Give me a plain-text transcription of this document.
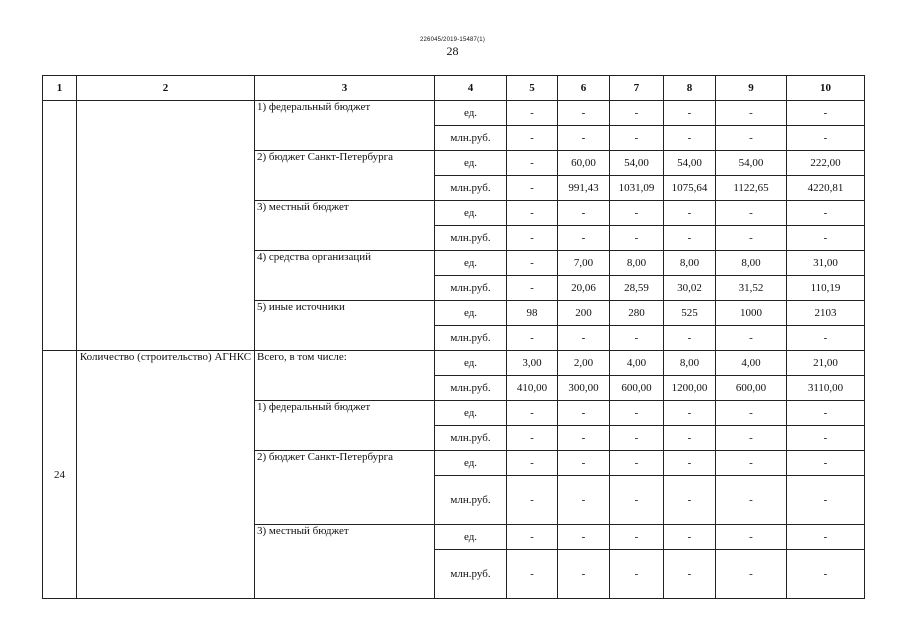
226045/2019-15487(1)
28
1	2	3	4	5	6	7	8	9	10
		1) федеральный бюджет	ед.	-	-	-	-	-	-
			млн.руб.	-	-	-	-	-	-
		2) бюджет Санкт-Петербурга	ед.	-	60,00	54,00	54,00	54,00	222,00
			млн.руб.	-	991,43	1031,09	1075,64	1122,65	4220,81
		3) местный бюджет	ед.	-	-	-	-	-	-
			млн.руб.	-	-	-	-	-	-
		4) средства организаций	ед.	-	7,00	8,00	8,00	8,00	31,00
			млн.руб.	-	20,06	28,59	30,02	31,52	110,19
		5) иные источники	ед.	98	200	280	525	1000	2103
			млн.руб.	-	-	-	-	-	-
24	Количество (строительство) АГНКС	Всего, в том числе:	ед.	3,00	2,00	4,00	8,00	4,00	21,00
			млн.руб.	410,00	300,00	600,00	1200,00	600,00	3110,00
		1) федеральный бюджет	ед.	-	-	-	-	-	-
			млн.руб.	-	-	-	-	-	-
		2) бюджет Санкт-Петербурга	ед.	-	-	-	-	-	-
			млн.руб.	-	-	-	-	-	-
		3) местный бюджет	ед.	-	-	-	-	-	-
			млн.руб.	-	-	-	-	-	-
